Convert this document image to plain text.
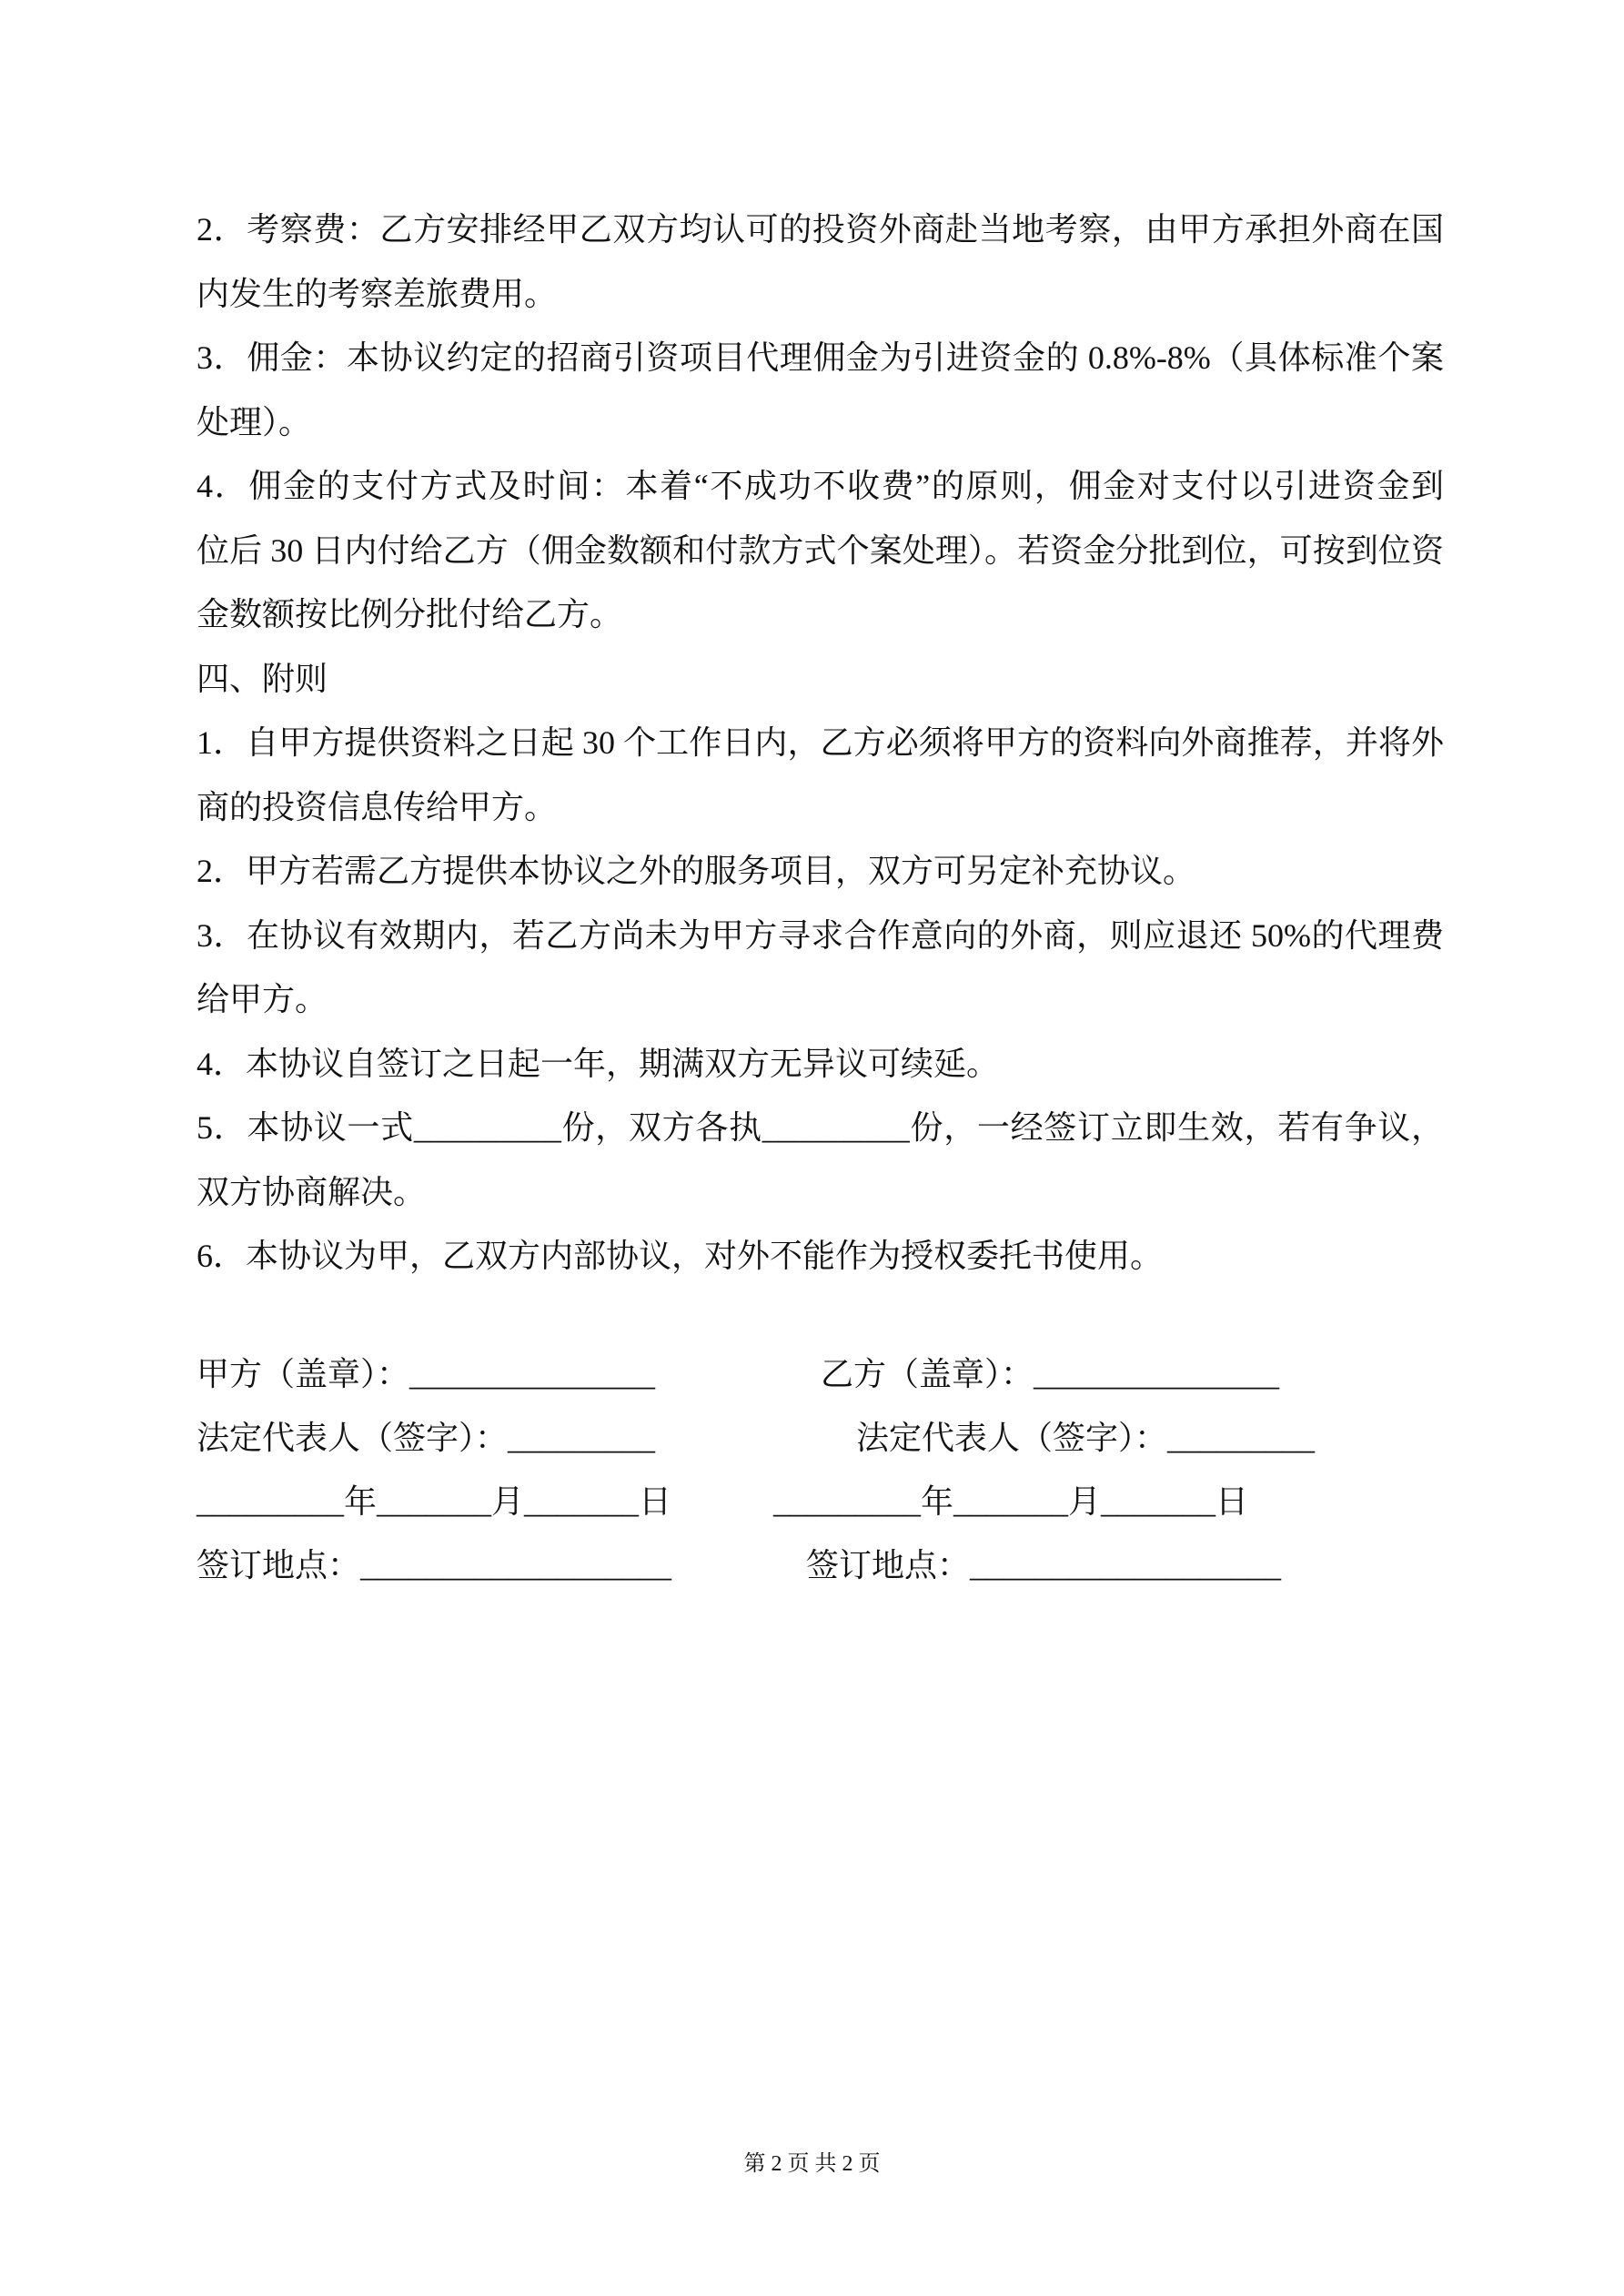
2．考察费：乙方安排经甲乙双方均认可的投资外商赴当地考察，由甲方承担外商在国
内发生的考察差旅费用。
3．佣金：本协议约定的招商引资项目代理佣金为引进资金的 0.8%-8%（具体标准个案
处理）。
4．佣金的支付方式及时间：本着“不成功不收费”的原则，佣金对支付以引进资金到
位后 30 日内付给乙方（佣金数额和付款方式个案处理）。若资金分批到位，可按到位资
金数额按比例分批付给乙方。
四、附则
1．自甲方提供资料之日起 30 个工作日内，乙方必须将甲方的资料向外商推荐，并将外
商的投资信息传给甲方。
2．甲方若需乙方提供本协议之外的服务项目，双方可另定补充协议。
3．在协议有效期内，若乙方尚未为甲方寻求合作意向的外商，则应退还 50%的代理费
给甲方。
4．本协议自签订之日起一年，期满双方无异议可续延。
5．本协议一式_________份，双方各执_________份，一经签订立即生效，若有争议，
双方协商解决。
6．本协议为甲，乙双方内部协议，对外不能作为授权委托书使用。
甲方（盖章）：_______________	乙方（盖章）：_______________
法定代表人（签字）：_________	法定代表人（签字）：_________
_________年_______月_______日	_________年_______月_______日
签订地点：___________________	签订地点：___________________
第 2 页 共 2 页
